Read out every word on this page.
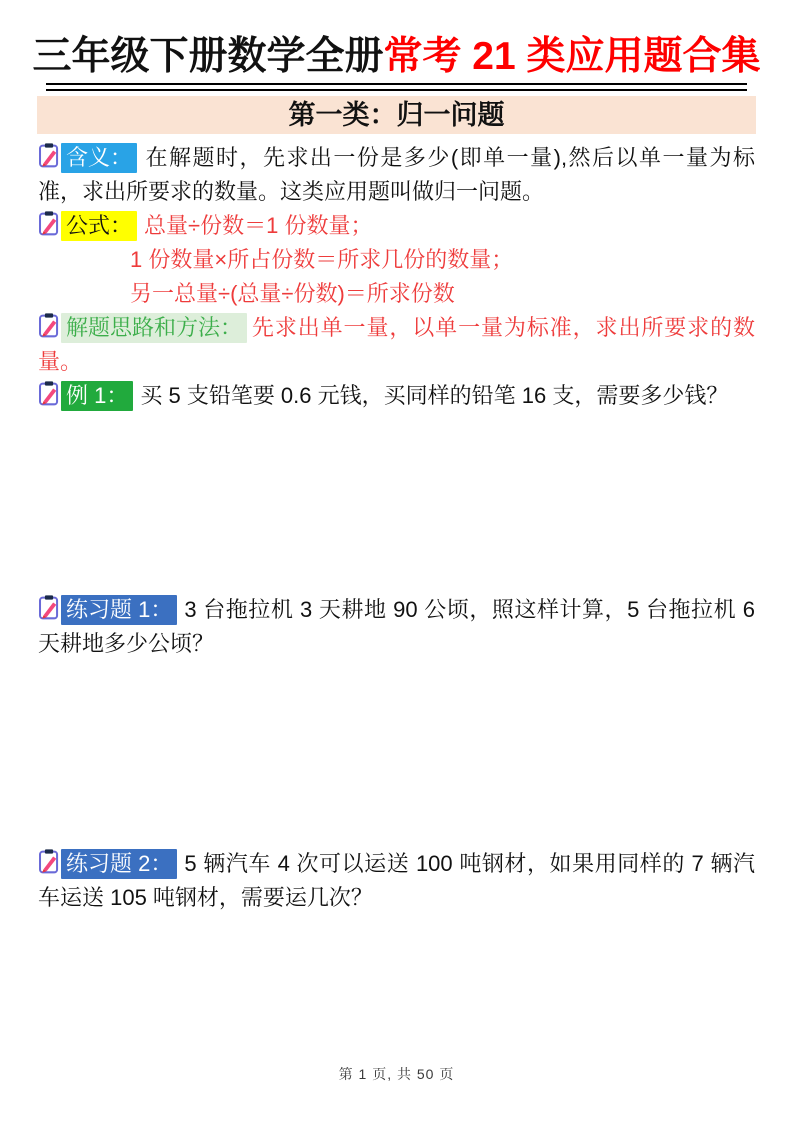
三年级下册数学全册常考 21 类应用题合集
第一类：归一问题

含义： 在解题时，先求出一份是多少(即单一量),然后以单一量为标准，求出所要求的数量。这类应用题叫做归一问题。

公式： 总量÷份数＝1 份数量；

1 份数量×所占份数＝所求几份的数量；
另一总量÷(总量÷份数)＝所求份数

解题思路和方法： 先求出单一量，以单一量为标准，求出所要求的数量。

例 1： 买 5 支铅笔要 0.6 元钱，买同样的铅笔 16 支，需要多少钱？

练习题 1： 3 台拖拉机 3 天耕地 90 公顷，照这样计算，5 台拖拉机 6 天耕地多少公顷？

练习题 2： 5 辆汽车 4 次可以运送 100 吨钢材，如果用同样的 7 辆汽车运送 105 吨钢材，需要运几次？

第 1 页, 共 50 页
